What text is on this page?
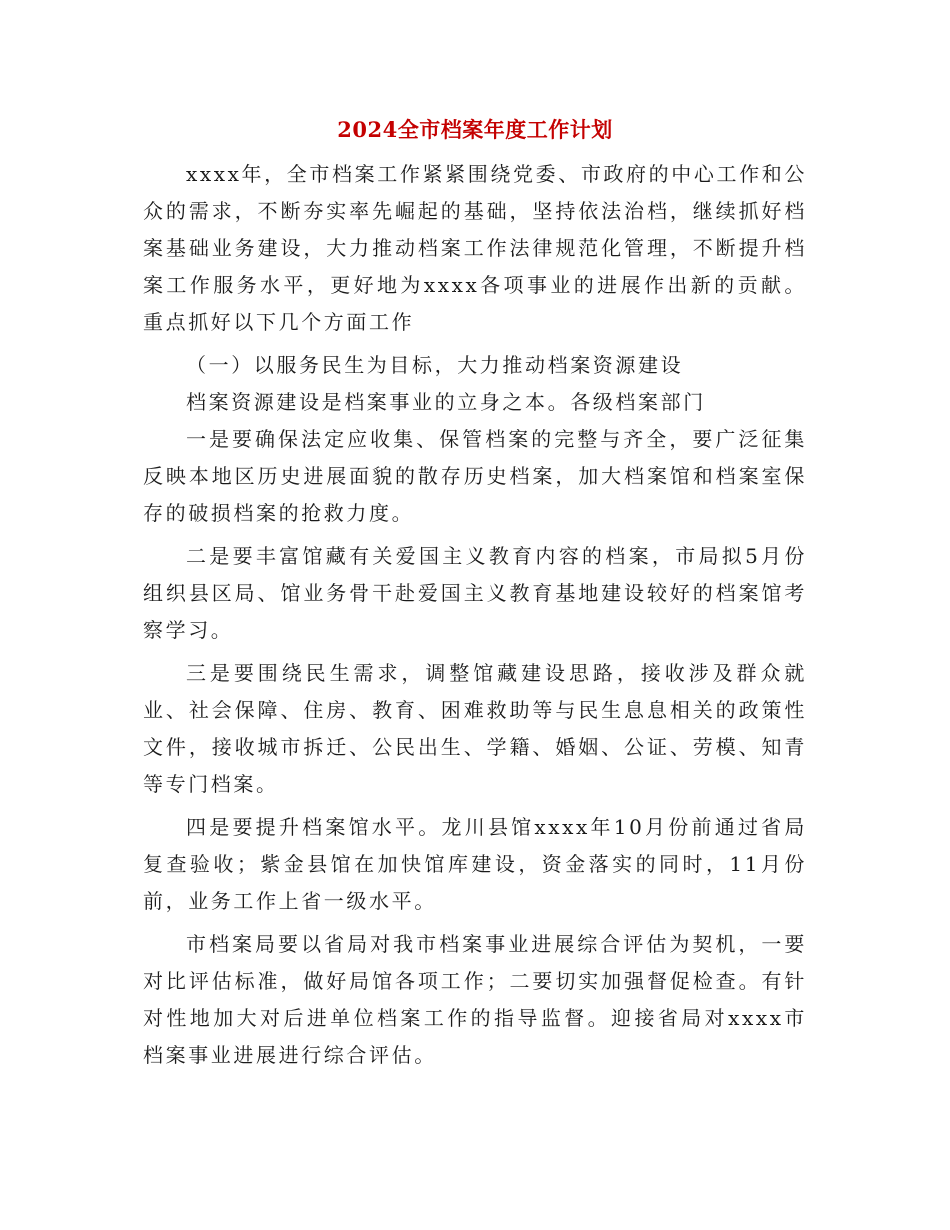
2024全市档案年度工作计划

xxxx年，全市档案工作紧紧围绕党委、市政府的中心工作和公众的需求，不断夯实率先崛起的基础，坚持依法治档，继续抓好档案基础业务建设，大力推动档案工作法律规范化管理，不断提升档案工作服务水平，更好地为xxxx各项事业的进展作出新的贡献。重点抓好以下几个方面工作

（一）以服务民生为目标，大力推动档案资源建设

档案资源建设是档案事业的立身之本。各级档案部门

一是要确保法定应收集、保管档案的完整与齐全，要广泛征集反映本地区历史进展面貌的散存历史档案，加大档案馆和档案室保存的破损档案的抢救力度。

二是要丰富馆藏有关爱国主义教育内容的档案，市局拟5月份组织县区局、馆业务骨干赴爱国主义教育基地建设较好的档案馆考察学习。

三是要围绕民生需求，调整馆藏建设思路，接收涉及群众就业、社会保障、住房、教育、困难救助等与民生息息相关的政策性文件，接收城市拆迁、公民出生、学籍、婚姻、公证、劳模、知青等专门档案。

四是要提升档案馆水平。龙川县馆xxxx年10月份前通过省局复查验收；紫金县馆在加快馆库建设，资金落实的同时，11月份前，业务工作上省一级水平。

市档案局要以省局对我市档案事业进展综合评估为契机，一要对比评估标准，做好局馆各项工作；二要切实加强督促检查。有针对性地加大对后进单位档案工作的指导监督。迎接省局对xxxx市档案事业进展进行综合评估。
